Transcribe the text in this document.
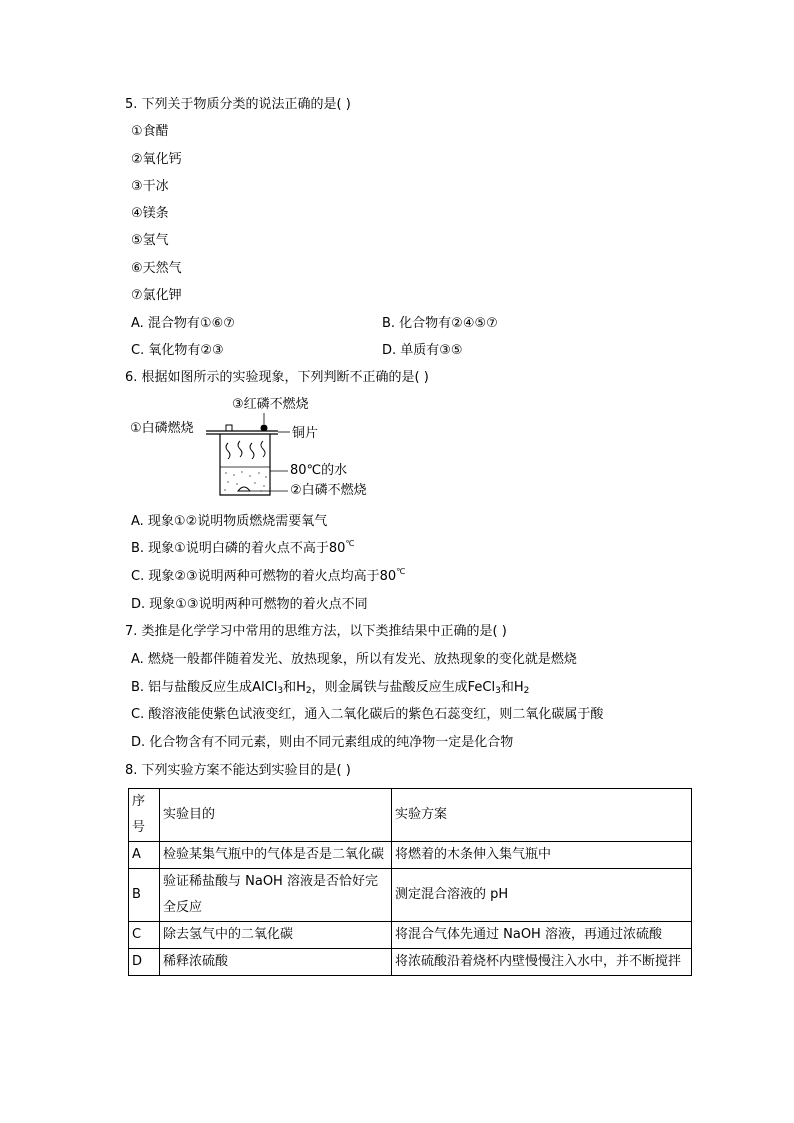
5. 下列关于物质分类的说法正确的是( )
①食醋
②氧化钙
③干冰
④镁条
⑤氢气
⑥天然气
⑦氯化钾
A. 混合物有①⑥⑦	B. 化合物有②④⑤⑦
C. 氧化物有②③	D. 单质有③⑤
6. 根据如图所示的实验现象，下列判断不正确的是( )
③红磷不燃烧
①白磷燃烧	铜片
80℃的水
②白磷不燃烧
A. 现象①②说明物质燃烧需要氧气
B. 现象①说明白磷的着火点不高于80℃
C. 现象②③说明两种可燃物的着火点均高于80℃
D. 现象①③说明两种可燃物的着火点不同
7. 类推是化学学习中常用的思维方法，以下类推结果中正确的是( )
A. 燃烧一般都伴随着发光、放热现象，所以有发光、放热现象的变化就是燃烧
B. 铝与盐酸反应生成AlCl$_3$和$H_2$，则金属铁与盐酸反应生成FeCl$_3$和$H_2$
C. 酸溶液能使紫色试液变红，通入二氧化碳后的紫色石蕊变红，则二氧化碳属于酸
D. 化合物含有不同元素，则由不同元素组成的纯净物一定是化合物
8. 下列实验方案不能达到实验目的是( )
序号	实验目的	实验方案
A	检验某集气瓶中的气体是否是二氧化碳	将燃着的木条伸入集气瓶中
B	验证稀盐酸与 NaOH 溶液是否恰好完全反应	测定混合溶液的 pH
C	除去氢气中的二氧化碳	将混合气体先通过 NaOH 溶液，再通过浓硫酸
D	稀释浓硫酸	将浓硫酸沿着烧杯内壁慢慢注入水中，并不断搅拌
